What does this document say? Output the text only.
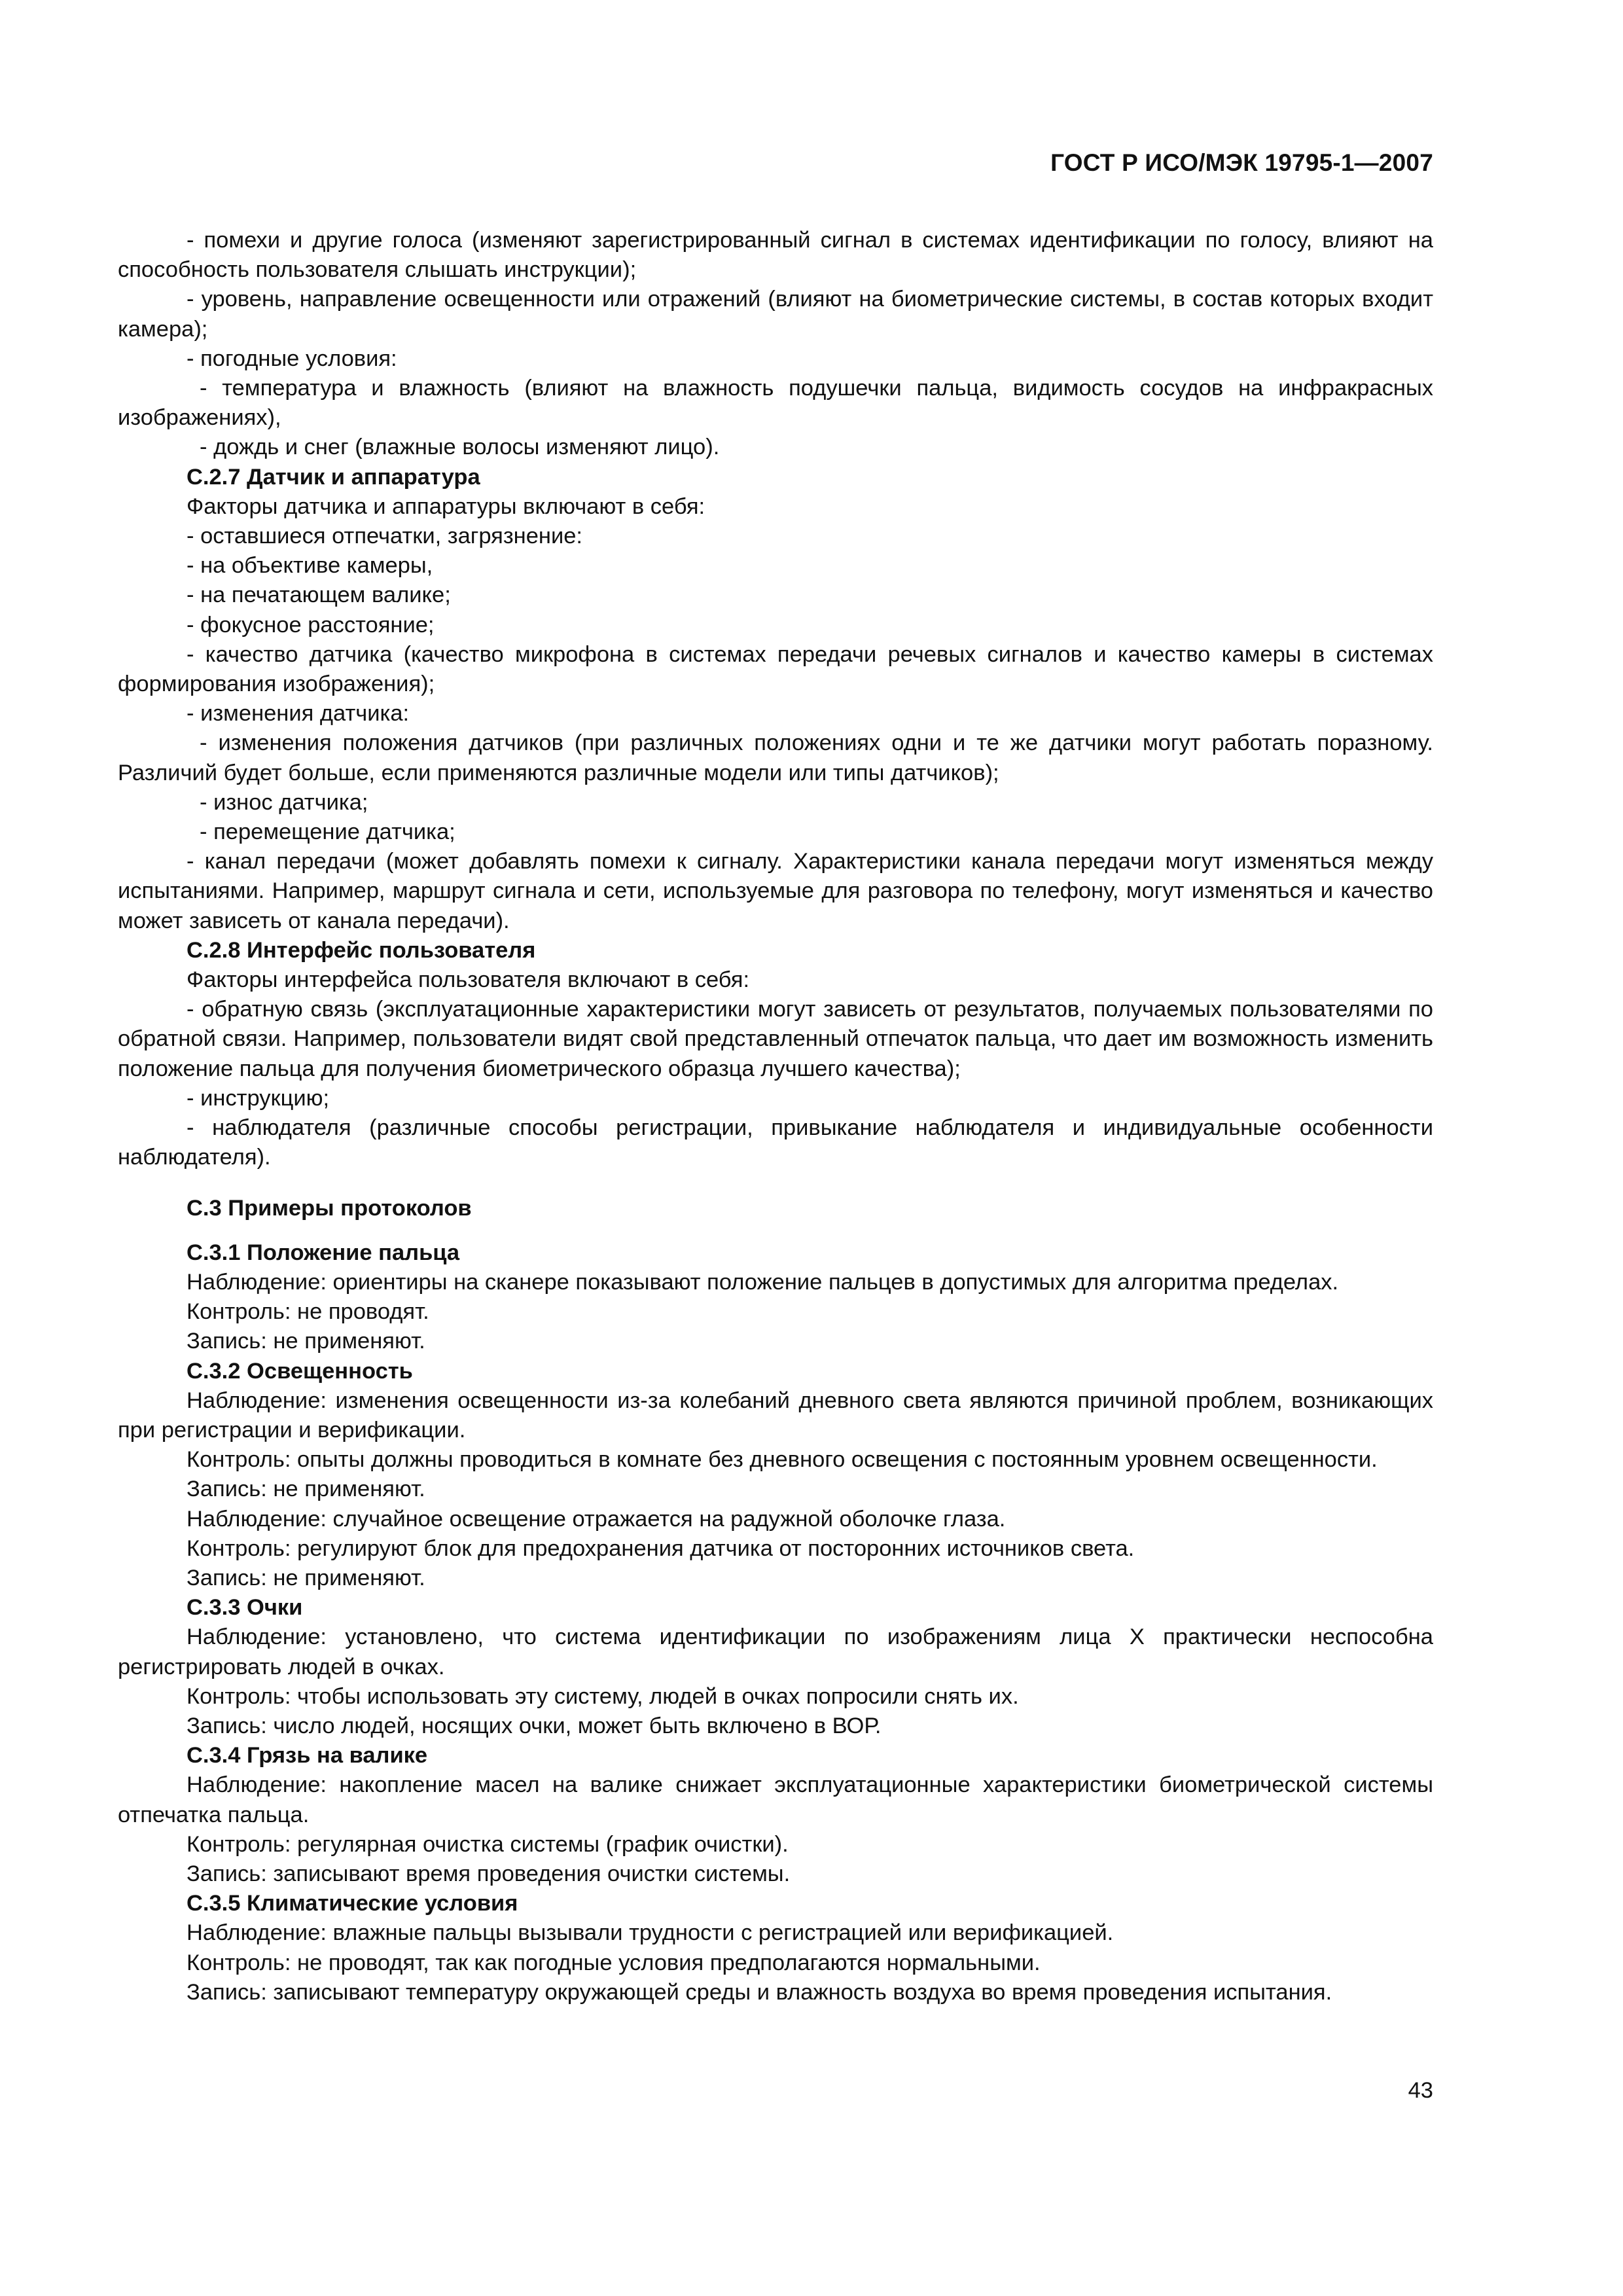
ГОСТ Р ИСО/МЭК 19795-1—2007

- помехи и другие голоса (изменяют зарегистрированный сигнал в системах идентификации по голосу, влияют на способность пользователя слышать инструкции);

- уровень, направление освещенности или отражений (влияют на биометрические системы, в состав которых входит камера);

- погодные условия:

- температура и влажность (влияют на влажность подушечки пальца, видимость сосудов на инфракрасных изображениях),

- дождь и снег (влажные волосы изменяют лицо).

С.2.7 Датчик и аппаратура

Факторы датчика и аппаратуры включают в себя:

- оставшиеся отпечатки, загрязнение:

- на объективе камеры,

- на печатающем валике;

- фокусное расстояние;

- качество датчика (качество микрофона в системах передачи речевых сигналов и качество камеры в системах формирования изображения);

- изменения датчика:

- изменения положения датчиков (при различных положениях одни и те же датчики могут работать поразному. Различий будет больше, если применяются различные модели или типы датчиков);

- износ датчика;

- перемещение датчика;

- канал передачи (может добавлять помехи к сигналу. Характеристики канала передачи могут изменяться между испытаниями. Например, маршрут сигнала и сети, используемые для разговора по телефону, могут изменяться и качество может зависеть от канала передачи).

С.2.8 Интерфейс пользователя

Факторы интерфейса пользователя включают в себя:

- обратную связь (эксплуатационные характеристики могут зависеть от результатов, получаемых пользователями по обратной связи. Например, пользователи видят свой представленный отпечаток пальца, что дает им возможность изменить положение пальца для получения биометрического образца лучшего качества);

- инструкцию;

- наблюдателя (различные способы регистрации, привыкание наблюдателя и индивидуальные особенности наблюдателя).

С.3 Примеры протоколов

С.3.1 Положение пальца

Наблюдение: ориентиры на сканере показывают положение пальцев в допустимых для алгоритма пределах.

Контроль: не проводят.

Запись: не применяют.

С.3.2 Освещенность

Наблюдение: изменения освещенности из-за колебаний дневного света являются причиной проблем, возникающих при регистрации и верификации.

Контроль: опыты должны проводиться в комнате без дневного освещения с постоянным уровнем освещенности.

Запись: не применяют.

Наблюдение: случайное освещение отражается на радужной оболочке глаза.

Контроль: регулируют блок для предохранения датчика от посторонних источников света.

Запись: не применяют.

С.3.3 Очки

Наблюдение: установлено, что система идентификации по изображениям лица X практически неспособна регистрировать людей в очках.

Контроль: чтобы использовать эту систему, людей в очках попросили снять их.

Запись: число людей, носящих очки, может быть включено в ВОР.

С.3.4 Грязь на валике

Наблюдение: накопление масел на валике снижает эксплуатационные характеристики биометрической системы отпечатка пальца.

Контроль: регулярная очистка системы (график очистки).

Запись: записывают время проведения очистки системы.

С.3.5 Климатические условия

Наблюдение: влажные пальцы вызывали трудности с регистрацией или верификацией.

Контроль: не проводят, так как погодные условия предполагаются нормальными.

Запись: записывают температуру окружающей среды и влажность воздуха во время проведения испытания.

43
